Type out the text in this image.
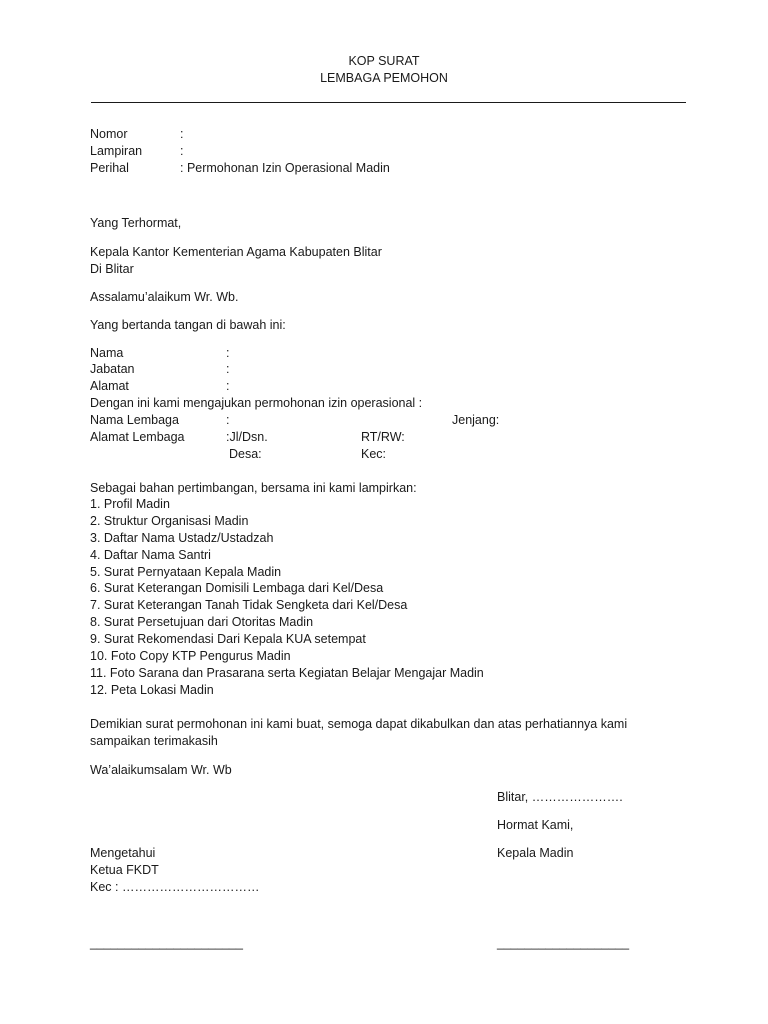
KOP SURAT
LEMBAGA PEMOHON
Nomor	:
Lampiran	:
Perihal	: Permohonan Izin Operasional Madin
Yang Terhormat,
Kepala Kantor Kementerian Agama Kabupaten Blitar
Di Blitar
Assalamu’alaikum Wr. Wb.
Yang bertanda tangan di bawah ini:
Nama	:
Jabatan	:
Alamat	:
Dengan ini kami mengajukan permohonan izin operasional :
Nama Lembaga	:	Jenjang:
Alamat Lembaga	:Jl/Dsn.	RT/RW:
Desa:	Kec:
Sebagai bahan pertimbangan, bersama ini kami lampirkan:
1. Profil Madin
2. Struktur Organisasi Madin
3. Daftar Nama Ustadz/Ustadzah
4. Daftar Nama Santri
5. Surat Pernyataan Kepala Madin
6. Surat Keterangan Domisili Lembaga dari Kel/Desa
7. Surat Keterangan Tanah Tidak Sengketa dari Kel/Desa
8. Surat Persetujuan dari Otoritas Madin
9. Surat Rekomendasi Dari Kepala KUA setempat
10. Foto Copy KTP Pengurus Madin
11. Foto Sarana dan Prasarana serta Kegiatan Belajar Mengajar Madin
12. Peta Lokasi Madin
Demikian surat permohonan ini kami buat, semoga dapat dikabulkan dan atas perhatiannya kami sampaikan terimakasih
Wa’alaikumsalam Wr. Wb
Blitar, ………………….
Hormat Kami,
Kepala Madin
Mengetahui
Ketua FKDT
Kec : ……………………………
______________________	___________________
